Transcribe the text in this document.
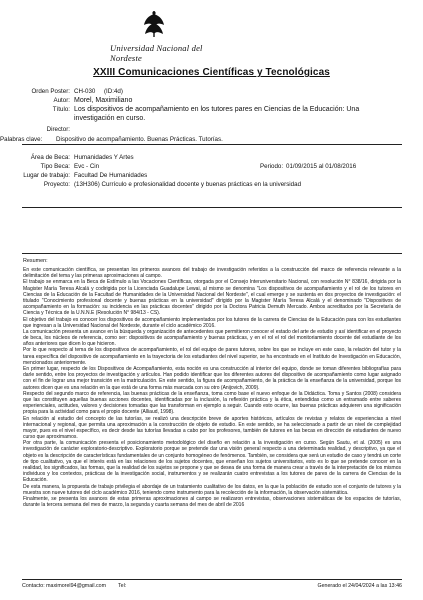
Universidad Nacional del Nordeste
XXIII Comunicaciones Científicas y Tecnológicas
Orden Poster: CH-030 (ID:4d)
Autor: Morel, Maximiliano
Título: Los dispositivos de acompañamiento en los tutores pares en Ciencias de la Educación: Una
investigación en curso.
Director:
Palabras clave:	Dispositivo de acompañamiento. Buenas Prácticas. Tutorías.
Área de Beca: Humanidades Y Artes
Tipo Beca: Evc - Cin	Periodo: 01/09/2015 al 01/08/2016
Lugar de trabajo: Facultad De Humanidades
Proyecto: (13H306) Currículo e profesionalidad docente y buenas prácticas en la universidad
Resumen:

En este comunicación científica, se presentan los primeros avances del trabajo de investigación referidos a la construcción del marco de referencia relevante a la delimitación del tema y las primeras aproximaciones al campo.

El trabajo se enmarca en la Beca de Estímulo a las Vocaciones Científicas, otorgada por el Consejo Interuniversitario Nacional, con resolución N° 838/16, dirigida por la Magister María Teresa Alcalá y codirigida por la Licenciada Guadalupe Lewai, al mismo se denomina "Los dispositivos de acompañamiento y el rol de los tutores en Ciencias de la Educación de la Facultad de Humanidades de la Universidad Nacional del Nordeste", el cual emerge y se sustenta en dos proyectos de investigación: el titulado "Conocimiento profesional docente y buenas prácticas en la universidad" dirigido por la Magister María Teresa Alcalá y el denominado "Dispositivos de acompañamiento en la formación: su incidencia en las prácticas docentes" dirigido por la Doctora Patricia Demuth Mercado. Ambos acreditados por la Secretaría de Ciencia y Técnica de la U.N.N.E (Resolución N° 984/13 - CS).

El objetivo del trabajo es conocer los dispositivos de acompañamiento implementados por los tutores de la carrera de Ciencias de la Educación para con los estudiantes que ingresan a la Universidad Nacional del Nordeste, durante el ciclo académico 2016.

La comunicación presenta un avance en la búsqueda y organización de antecedentes que permitieron conocer el estado del arte de estudio y así identificar en el proyecto de beca, los núcleos de referencia, como ser: dispositivos de acompañamiento y buenas prácticas, y en el rol el rol del monitoriamiento docente del estudiante de los años anteriores que dicen lo que hicieron.

Por lo que respecto al tema de los dispositivos de acompañamiento, el rol del equipo de pares tutores, sobre los que se incluye en este caso, la relación del tutor y la tarea específica del dispositivo de acompañamiento en la trayectoria de los estudiantes del nivel superior, se ha encontrado en el Instituto de Investigación en Educación, mencionados anteriormente.

En primer lugar, respecto de los Dispositivos de Acompañamiento, esta noción es una construcción al interior del equipo, donde se toman diferentes bibliografías para darle sentido, entre los proyectos de investigación y artículos. Han podido identificar que los diferentes autores del dispositivo de acompañamiento como lugar asignado con el fin de lograr una mejor transición en la matriculación. En este sentido, la figura de acompañamiento, de la práctica de la enseñanza de la universidad, porque los autores dicen que es una relación en la que está de una forma más marcada con su otro (Anijovich, 2009).

Respecto del segundo marco de referencia, las buenas prácticas de la enseñanza, toma como base el nuevo enfoque de la Didáctica. Toma y Santos (2008) considera que las constituyen aquellas buenas acciones docentes, identificadas por la inclusión, la reflexión práctica y la ética, entendidas como un entramado entre saberes experienciales, actitudes, valores y decisiones tomadas que las transforman en ejemplo a seguir. Cuando esto ocurre, las buenas prácticas adquieren una significación propia para la actividad como para el propio docente (Alliaud, 1998).

En relación al estudio del concepto de las tutorías, se realizó una descripción breve de aportes históricos, artículos de revistas y relatos de experiencias a nivel internacional y regional, que permita una aproximación a la construcción de objeto de estudio. En este sentido, se ha seleccionado a partir de un nivel de complejidad mayor, pues es el nivel específico, es decir desde las tutorías llevadas a cabo por los profesores, también de tutores en las becas en dirección de estudiantes de nuevo curso que aproximamos.

Por otra parte, la comunicación presenta el posicionamiento metodológico del diseño en relación a la investigación en curso. Según Sautu, et al. (2005) es una investigación de carácter exploratorio-descriptivo. Exploratorio porque se pretende dar una visión general respecto a una determinada realidad, y descriptivo, ya que el objeto es la descripción de características fundamentales de un conjunto homogéneo de fenómenos. También, se considera que será un estudio de caso y tendrá un corte de tipo cualitativo, ya que el interés está en las relaciones de los sujetos docentes, que enseñan los sujetos universitarios, esto es lo que se pretende conocer en la realidad, los significados, las formas, que la realidad de los sujetos se propone y que se desea de una forma de manera crear a través de la interpretación de los mismos individuos y los contextos, prácticas de la investigación social, instrumentos y se realizarán cuatro entrevistas a los tutores de pares de la carrera de Ciencias de la Educación.

De esta manera, la propuesta de trabajo privilegia el abordaje de un tratamiento cualitativo de los datos, en la que la población de estudio son el conjunto de tutores y la muestra son nueve tutores del ciclo académico 2016, teniendo como instrumento para la recolección de la información, la observación sistemática.

Finalmente, se presenta los avances de estas primeras aproximaciones al campo se realizaron entrevistas, observaciones sistemáticas de los espacios de tutorías, durante la tercera semana del mes de marzo, la segunda y cuarta semana del mes de abril de 2016

Contacto: maximorel94@gmail.com Tel:	Generado el 24/04/2024 a las 13:46
